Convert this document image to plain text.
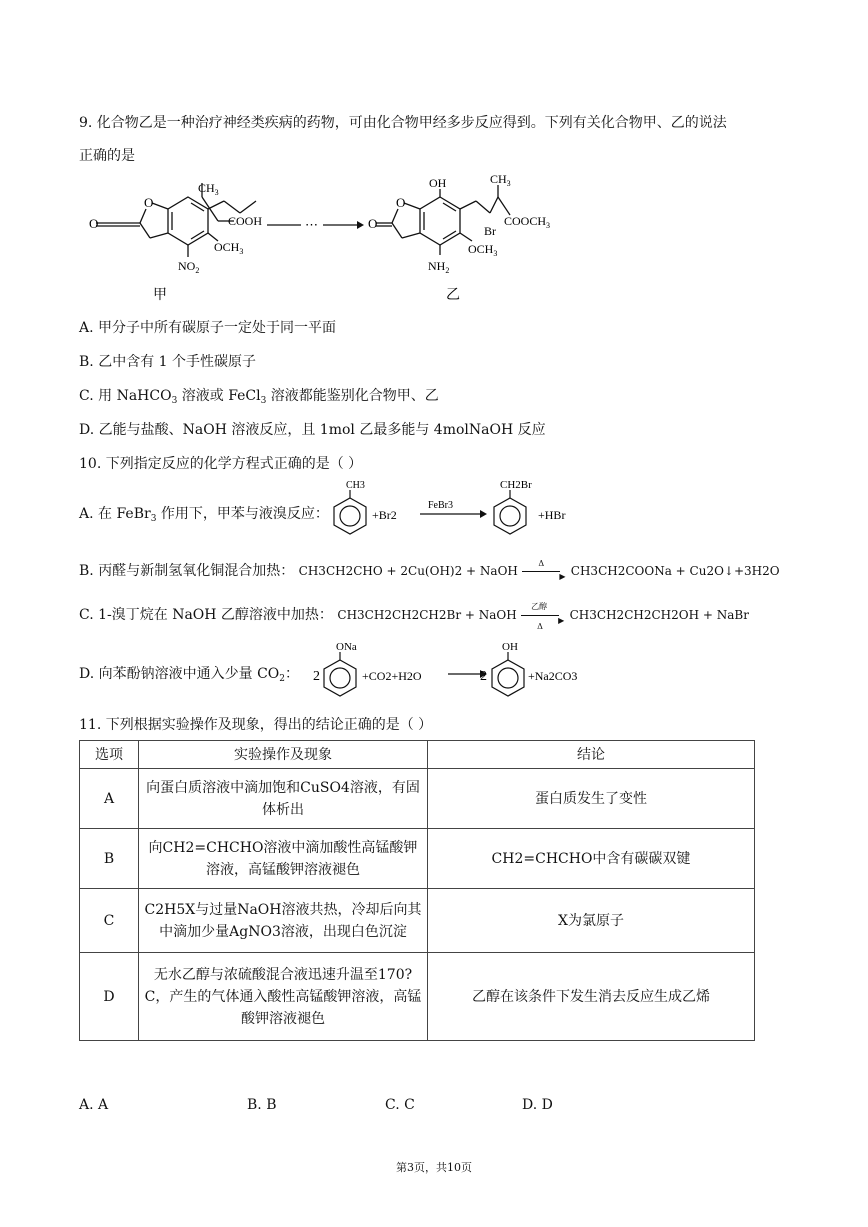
9. 化合物乙是一种治疗神经类疾病的药物，可由化合物甲经多步反应得到。下列有关化合物甲、乙的说法
正确的是
O
O
$CH_3$
COOH
$OCH_3$
$NO_2$
甲
⋯	O
O
OH	$CH_3$
$COOCH_3$
Br
$OCH_3$
$NH_2$
乙
A. 甲分子中所有碳原子一定处于同一平面
B. 乙中含有 1 个手性碳原子
C. 用 NaHCO$_3$ 溶液或 FeCl$_3$ 溶液都能鉴别化合物甲、乙
D. 乙能与盐酸、NaOH 溶液反应，且 1mol 乙最多能与 4molNaOH 反应
10. 下列指定反应的化学方程式正确的是（ ）
A. 在 FeBr$_3$ 作用下，甲苯与液溴反应：
CH3
+Br2
FeBr3
CH2Br
+HBr
B. 丙醛与新制氢氧化铜混合加热： CH3CH2CHO + 2Cu(OH)2 + NaOH
Δ
▶ CH3CH2COONa + Cu2O↓+3H2O
C. 1-溴丁烷在 NaOH 乙醇溶液中加热： CH3CH2CH2CH2Br + NaOH
乙醇
▶
Δ
CH3CH2CH2CH2OH + NaBr
D. 向苯酚钠溶液中通入少量 $CO_2$： 2
ONa
+CO2+H2O	2
OH
+Na2CO3
11. 下列根据实验操作及现象，得出的结论正确的是（ ）
选项	实验操作及现象	结论
A	向蛋白质溶液中滴加饱和CuSO4溶液，有固体析出	蛋白质发生了变性
B	向CH2=CHCHO溶液中滴加酸性高锰酸钾溶液，高锰酸钾溶液褪色	CH2=CHCHO中含有碳碳双键
C	C2H5X与过量NaOH溶液共热，冷却后向其中滴加少量AgNO3溶液，出现白色沉淀	X为氯原子
D	无水乙醇与浓硫酸混合液迅速升温至170?C，产生的气体通入酸性高锰酸钾溶液，高锰酸钾溶液褪色	乙醇在该条件下发生消去反应生成乙烯
A. A	B. B	C. C	D. D
第3页，共10页
